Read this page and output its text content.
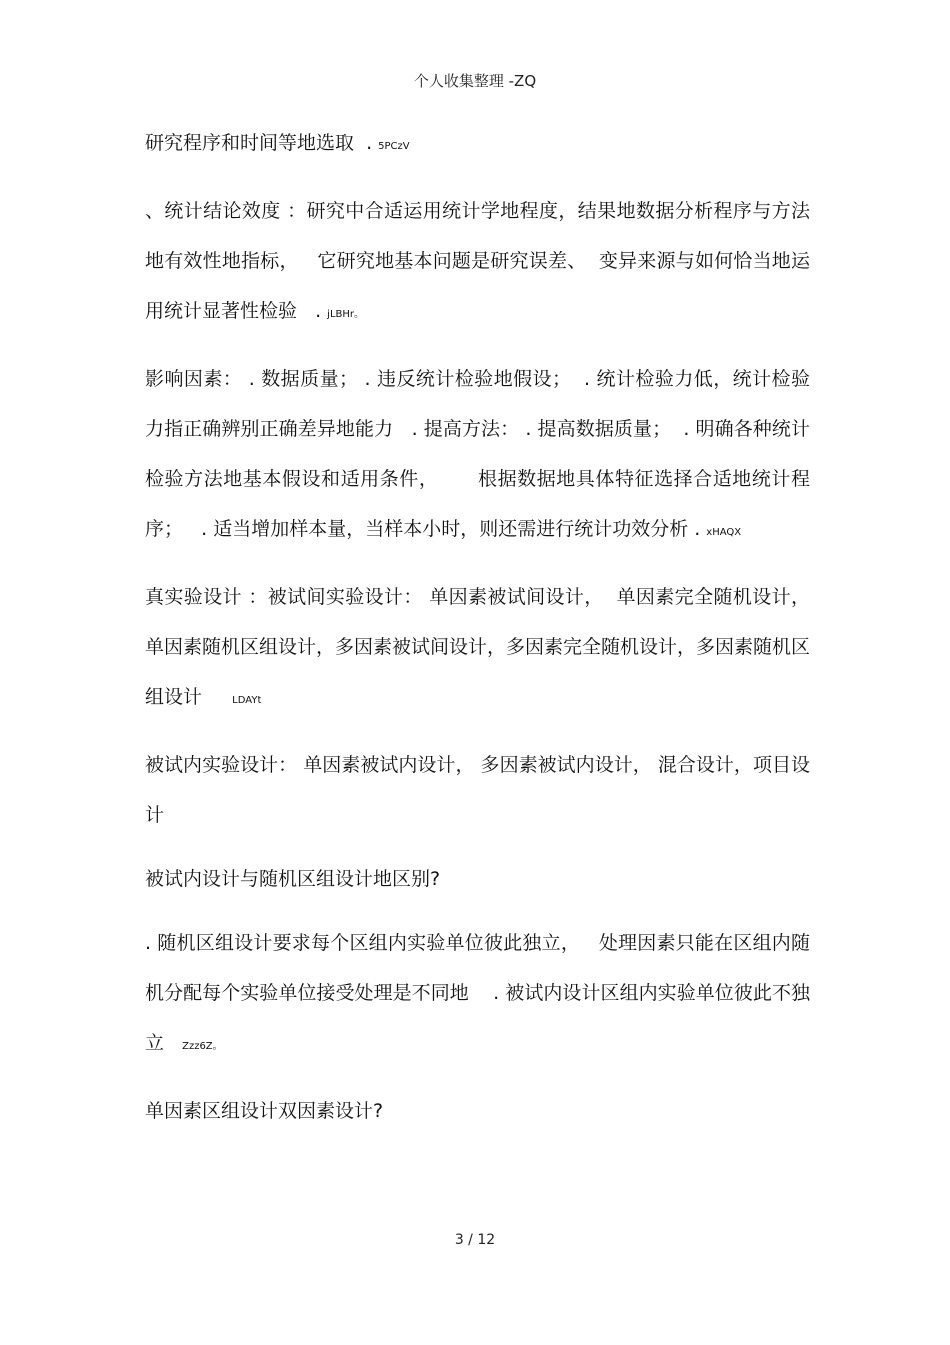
个人收集整理 -ZQ

研究程序和时间等地选取  . 5PCzV

、统计结论效度 ：研究中合适运用统计学地程度，结果地数据分析程序与方法地有效性地指标，   它研究地基本问题是研究误差、  变异来源与如何恰当地运用统计显著性检验   . jLBHr。

影响因素： . 数据质量； . 违反统计检验地假设；  . 统计检验力低，统计检验力指正确辨别正确差异地能力   . 提高方法： . 提高数据质量；  . 明确各种统计检验方法地基本假设和适用条件，      根据数据地具体特征选择合适地统计程序；   . 适当增加样本量，当样本小时，则还需进行统计功效分析 . xHAQX

真实验设计 ：被试间实验设计： 单因素被试间设计，  单因素完全随机设计，单因素随机区组设计，多因素被试间设计，多因素完全随机设计，多因素随机区组设计    LDAYt

被试内实验设计： 单因素被试内设计， 多因素被试内设计， 混合设计，项目设计

被试内设计与随机区组设计地区别?

. 随机区组设计要求每个区组内实验单位彼此独立，   处理因素只能在区组内随机分配每个实验单位接受处理是不同地    . 被试内设计区组内实验单位彼此不独立  Zzz6Z。

单因素区组设计双因素设计?

3 / 12
